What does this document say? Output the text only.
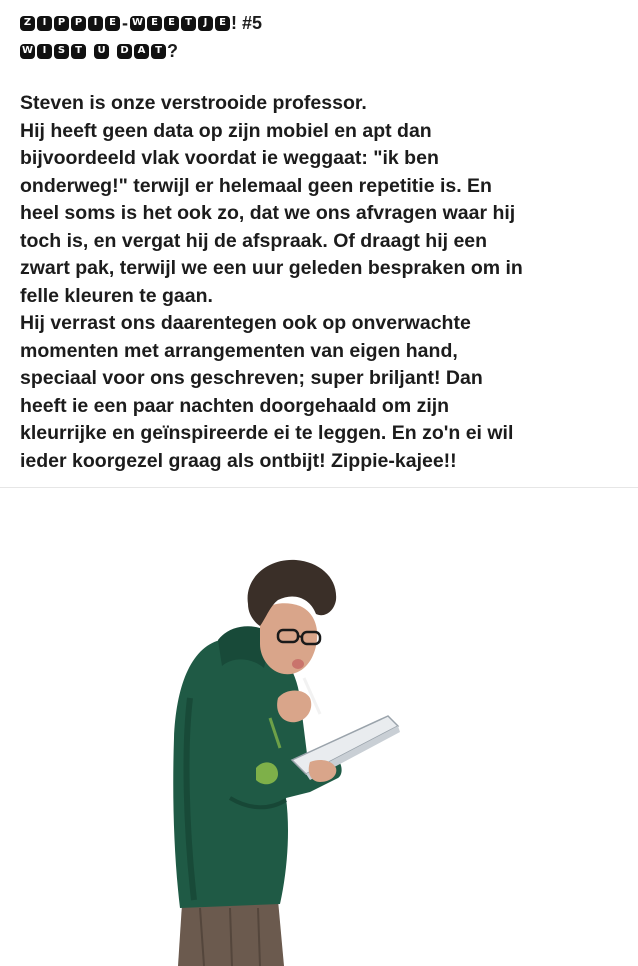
Z	I	P P	I	E - W E	E	T	J	E ! #5
W I	S T	U	D A T ?
Steven is onze verstrooide professor.
Hij heeft geen data op zijn mobiel en apt dan
bijvoordeeld vlak voordat ie weggaat: "ik ben
onderweg!" terwijl er helemaal geen repetitie is. En
heel soms is het ook zo, dat we ons afvragen waar hij
toch is, en vergat hij de afspraak. Of draagt hij een
zwart pak, terwijl we een uur geleden bespraken om in
felle kleuren te gaan.
Hij verrast ons daarentegen ook op onverwachte
momenten met arrangementen van eigen hand,
speciaal voor ons geschreven; super briljant! Dan
heeft ie een paar nachten doorgehaald om zijn
kleurrijke en geïnspireerde ei te leggen. En zo'n ei wil
ieder koorgezel graag als ontbijt! Zippie-kajee!!
